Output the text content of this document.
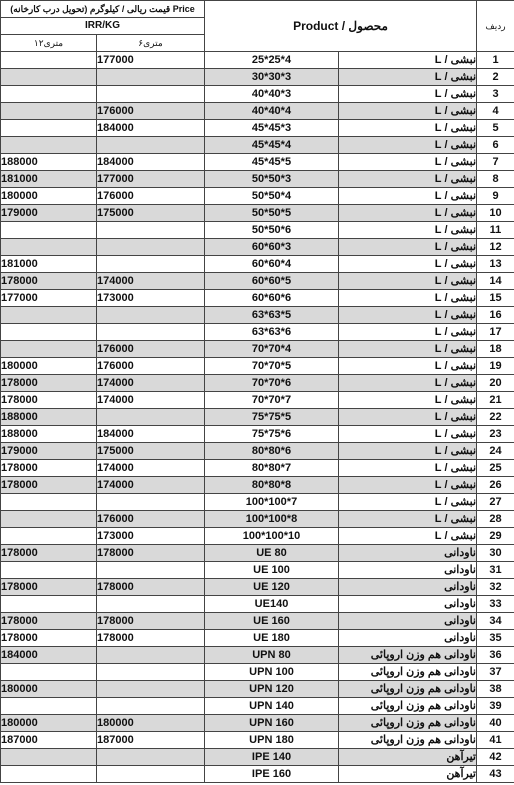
قیمت ریالی / کیلوگرم (تحویل درب کارخانه) Price		Product / محصول		ردیف
IRR/KG				
۱۲متری	۶متری			
	177000	25*25*4	نبشی / L	1
		30*30*3	نبشی / L	2
		40*40*3	نبشی / L	3
	176000	40*40*4	نبشی / L	4
	184000	45*45*3	نبشی / L	5
		45*45*4	نبشی / L	6
188000	184000	45*45*5	نبشی / L	7
181000	177000	50*50*3	نبشی / L	8
180000	176000	50*50*4	نبشی / L	9
179000	175000	50*50*5	نبشی / L	10
		50*50*6	نبشی / L	11
		60*60*3	نبشی / L	12
181000		60*60*4	نبشی / L	13
178000	174000	60*60*5	نبشی / L	14
177000	173000	60*60*6	نبشی / L	15
		63*63*5	نبشی / L	16
		63*63*6	نبشی / L	17
	176000	70*70*4	نبشی / L	18
180000	176000	70*70*5	نبشی / L	19
178000	174000	70*70*6	نبشی / L	20
178000	174000	70*70*7	نبشی / L	21
188000		75*75*5	نبشی / L	22
188000	184000	75*75*6	نبشی / L	23
179000	175000	80*80*6	نبشی / L	24
178000	174000	80*80*7	نبشی / L	25
178000	174000	80*80*8	نبشی / L	26
		100*100*7	نبشی / L	27
	176000	100*100*8	نبشی / L	28
	173000	100*100*10	نبشی / L	29
178000	178000	UE 80	ناودانی	30
		UE 100	ناودانی	31
178000	178000	UE 120	ناودانی	32
		UE140	ناودانی	33
178000	178000	UE 160	ناودانی	34
178000	178000	UE 180	ناودانی	35
184000		UPN 80	ناودانی هم وزن اروپائی	36
		UPN 100	ناودانی هم وزن اروپائی	37
180000		UPN 120	ناودانی هم وزن اروپائی	38
		UPN 140	ناودانی هم وزن اروپائی	39
180000	180000	UPN 160	ناودانی هم وزن اروپائی	40
187000	187000	UPN 180	ناودانی هم وزن اروپائی	41
		IPE 140	تیرآهن	42
		IPE 160	تیرآهن	43
